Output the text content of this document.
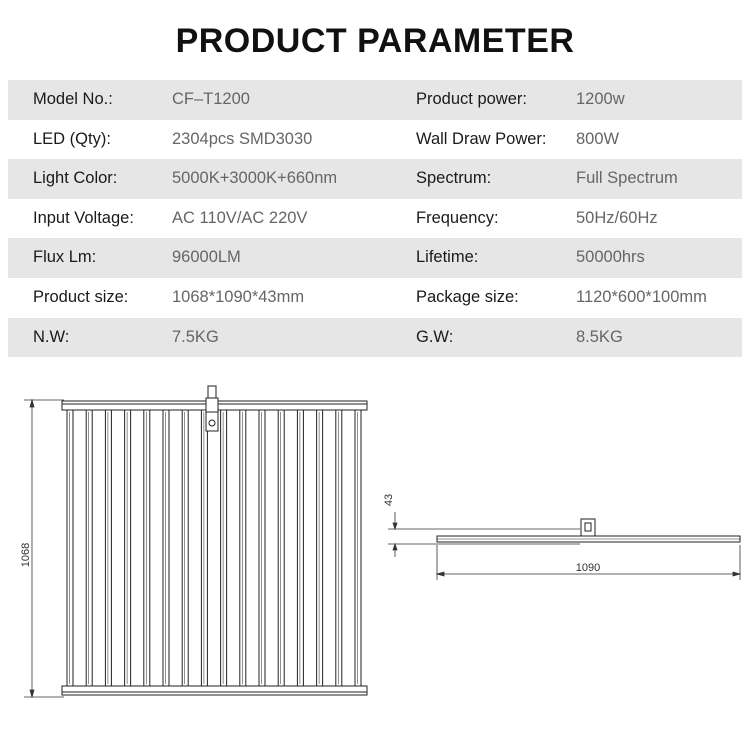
PRODUCT PARAMETER
Model No.:	CF–T1200	Product power:	1200w
LED (Qty):	2304pcs SMD3030	Wall Draw Power: 800W
Light Color:	5000K+3000K+660nm	Spectrum:	Full Spectrum
Input Voltage: AC 110V/AC 220V	Frequency:	50Hz/60Hz
Flux Lm:	96000LM	Lifetime:	50000hrs
Product size:	1068*1090*43mm	Package size:	1120*600*100mm
N.W:	7.5KG	G.W:	8.5KG
1068
43
1090
